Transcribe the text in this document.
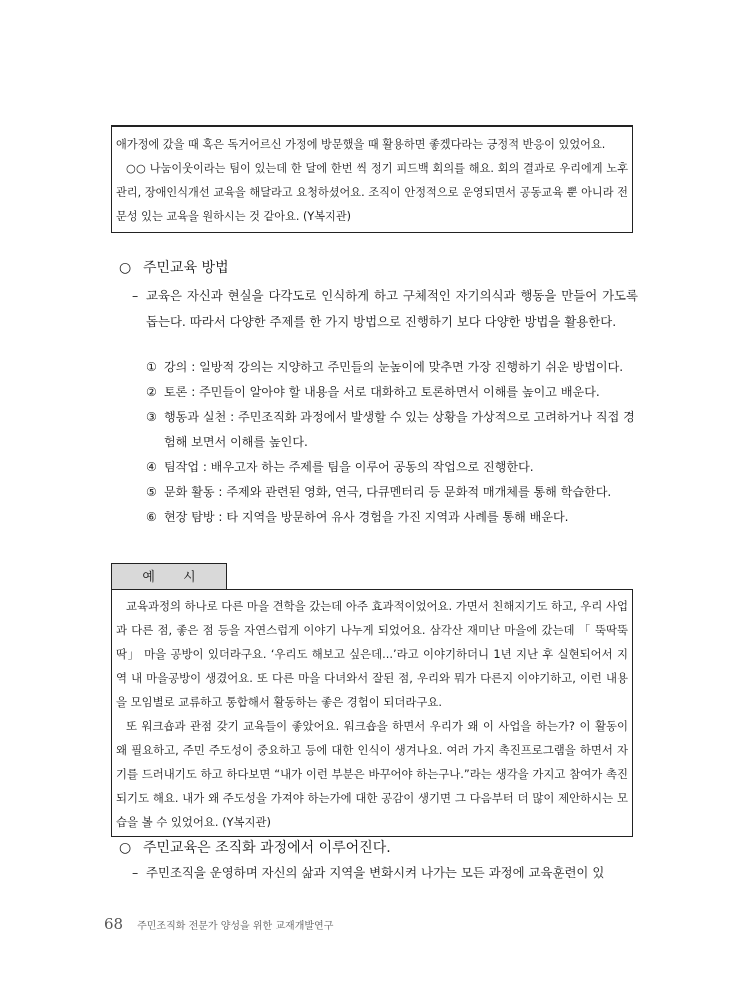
애가정에 갔을 때 혹은 독거어르신 가정에 방문했을 때 활용하면 좋겠다라는 긍정적 반응이 있었어요.

○○ 나눔이웃이라는 팀이 있는데 한 달에 한번 씩 정기 피드백 회의를 해요. 회의 결과로 우리에게 노후관리, 장애인식개선 교육을 해달라고 요청하셨어요. 조직이 안정적으로 운영되면서 공동교육 뿐 아니라 전문성 있는 교육을 원하시는 것 같아요. (Y복지관)

○ 주민교육 방법
– 교육은 자신과 현실을 다각도로 인식하게 하고 구체적인 자기의식과 행동을 만들어 가도록 돕는다. 따라서 다양한 주제를 한 가지 방법으로 진행하기 보다 다양한 방법을 활용한다.
① 강의 : 일방적 강의는 지양하고 주민들의 눈높이에 맞추면 가장 진행하기 쉬운 방법이다.
② 토론 : 주민들이 알아야 할 내용을 서로 대화하고 토론하면서 이해를 높이고 배운다.
③ 행동과 실천 : 주민조직화 과정에서 발생할 수 있는 상황을 가상적으로 고려하거나 직접 경험해 보면서 이해를 높인다.
④ 팀작업 : 배우고자 하는 주제를 팀을 이루어 공동의 작업으로 진행한다.
⑤ 문화 활동 : 주제와 관련된 영화, 연극, 다큐멘터리 등 문화적 매개체를 통해 학습한다.
⑥ 현장 탐방 : 타 지역을 방문하여 유사 경험을 가진 지역과 사례를 통해 배운다.
예 시

교육과정의 하나로 다른 마을 견학을 갔는데 아주 효과적이었어요. 가면서 친해지기도 하고, 우리 사업과 다른 점, 좋은 점 등을 자연스럽게 이야기 나누게 되었어요. 삼각산 재미난 마을에 갔는데 「 뚝딱뚝딱」 마을 공방이 있더라구요. ‘우리도 해보고 싶은데...’라고 이야기하더니 1년 지난 후 실현되어서 지역 내 마을공방이 생겼어요. 또 다른 마을 다녀와서 잘된 점, 우리와 뭐가 다른지 이야기하고, 이런 내용을 모임별로 교류하고 통합해서 활동하는 좋은 경험이 되더라구요.

또 워크숍과 관점 갖기 교육들이 좋았어요. 워크숍을 하면서 우리가 왜 이 사업을 하는가? 이 활동이 왜 필요하고, 주민 주도성이 중요하고 등에 대한 인식이 생겨나요. 여러 가지 촉진프로그램을 하면서 자기를 드러내기도 하고 하다보면 “내가 이런 부분은 바꾸어야 하는구나.”라는 생각을 가지고 참여가 촉진되기도 해요. 내가 왜 주도성을 가져야 하는가에 대한 공감이 생기면 그 다음부터 더 많이 제안하시는 모습을 볼 수 있었어요. (Y복지관)

○ 주민교육은 조직화 과정에서 이루어진다.
– 주민조직을 운영하며 자신의 삶과 지역을 변화시켜 나가는 모든 과정에 교육훈련이 있
68 주민조직화 전문가 양성을 위한 교재개발연구
